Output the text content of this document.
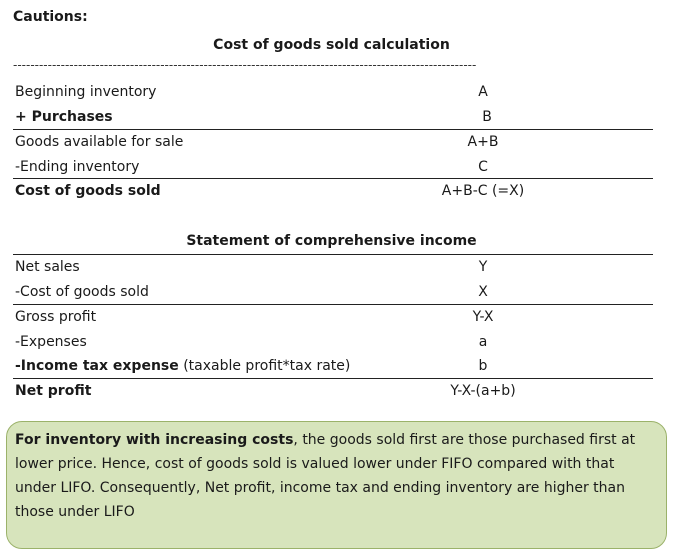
Cautions:
Cost of goods sold calculation
-----------------------------------------------------------------------------------------------------------
Beginning inventory	A
+ Purchases	B
Goods available for sale	A+B
-Ending inventory	C
Cost of goods sold	A+B-C (=X)
Statement of comprehensive income
Net sales	Y
-Cost of goods sold	X
Gross profit	Y-X
-Expenses	a
-Income tax expense (taxable profit*tax rate)	b
Net profit	Y-X-(a+b)
For inventory with increasing costs, the goods sold first are those purchased first at lower price. Hence, cost of goods sold is valued lower under FIFO compared with that under LIFO. Consequently, Net profit, income tax and ending inventory are higher than those under LIFO
